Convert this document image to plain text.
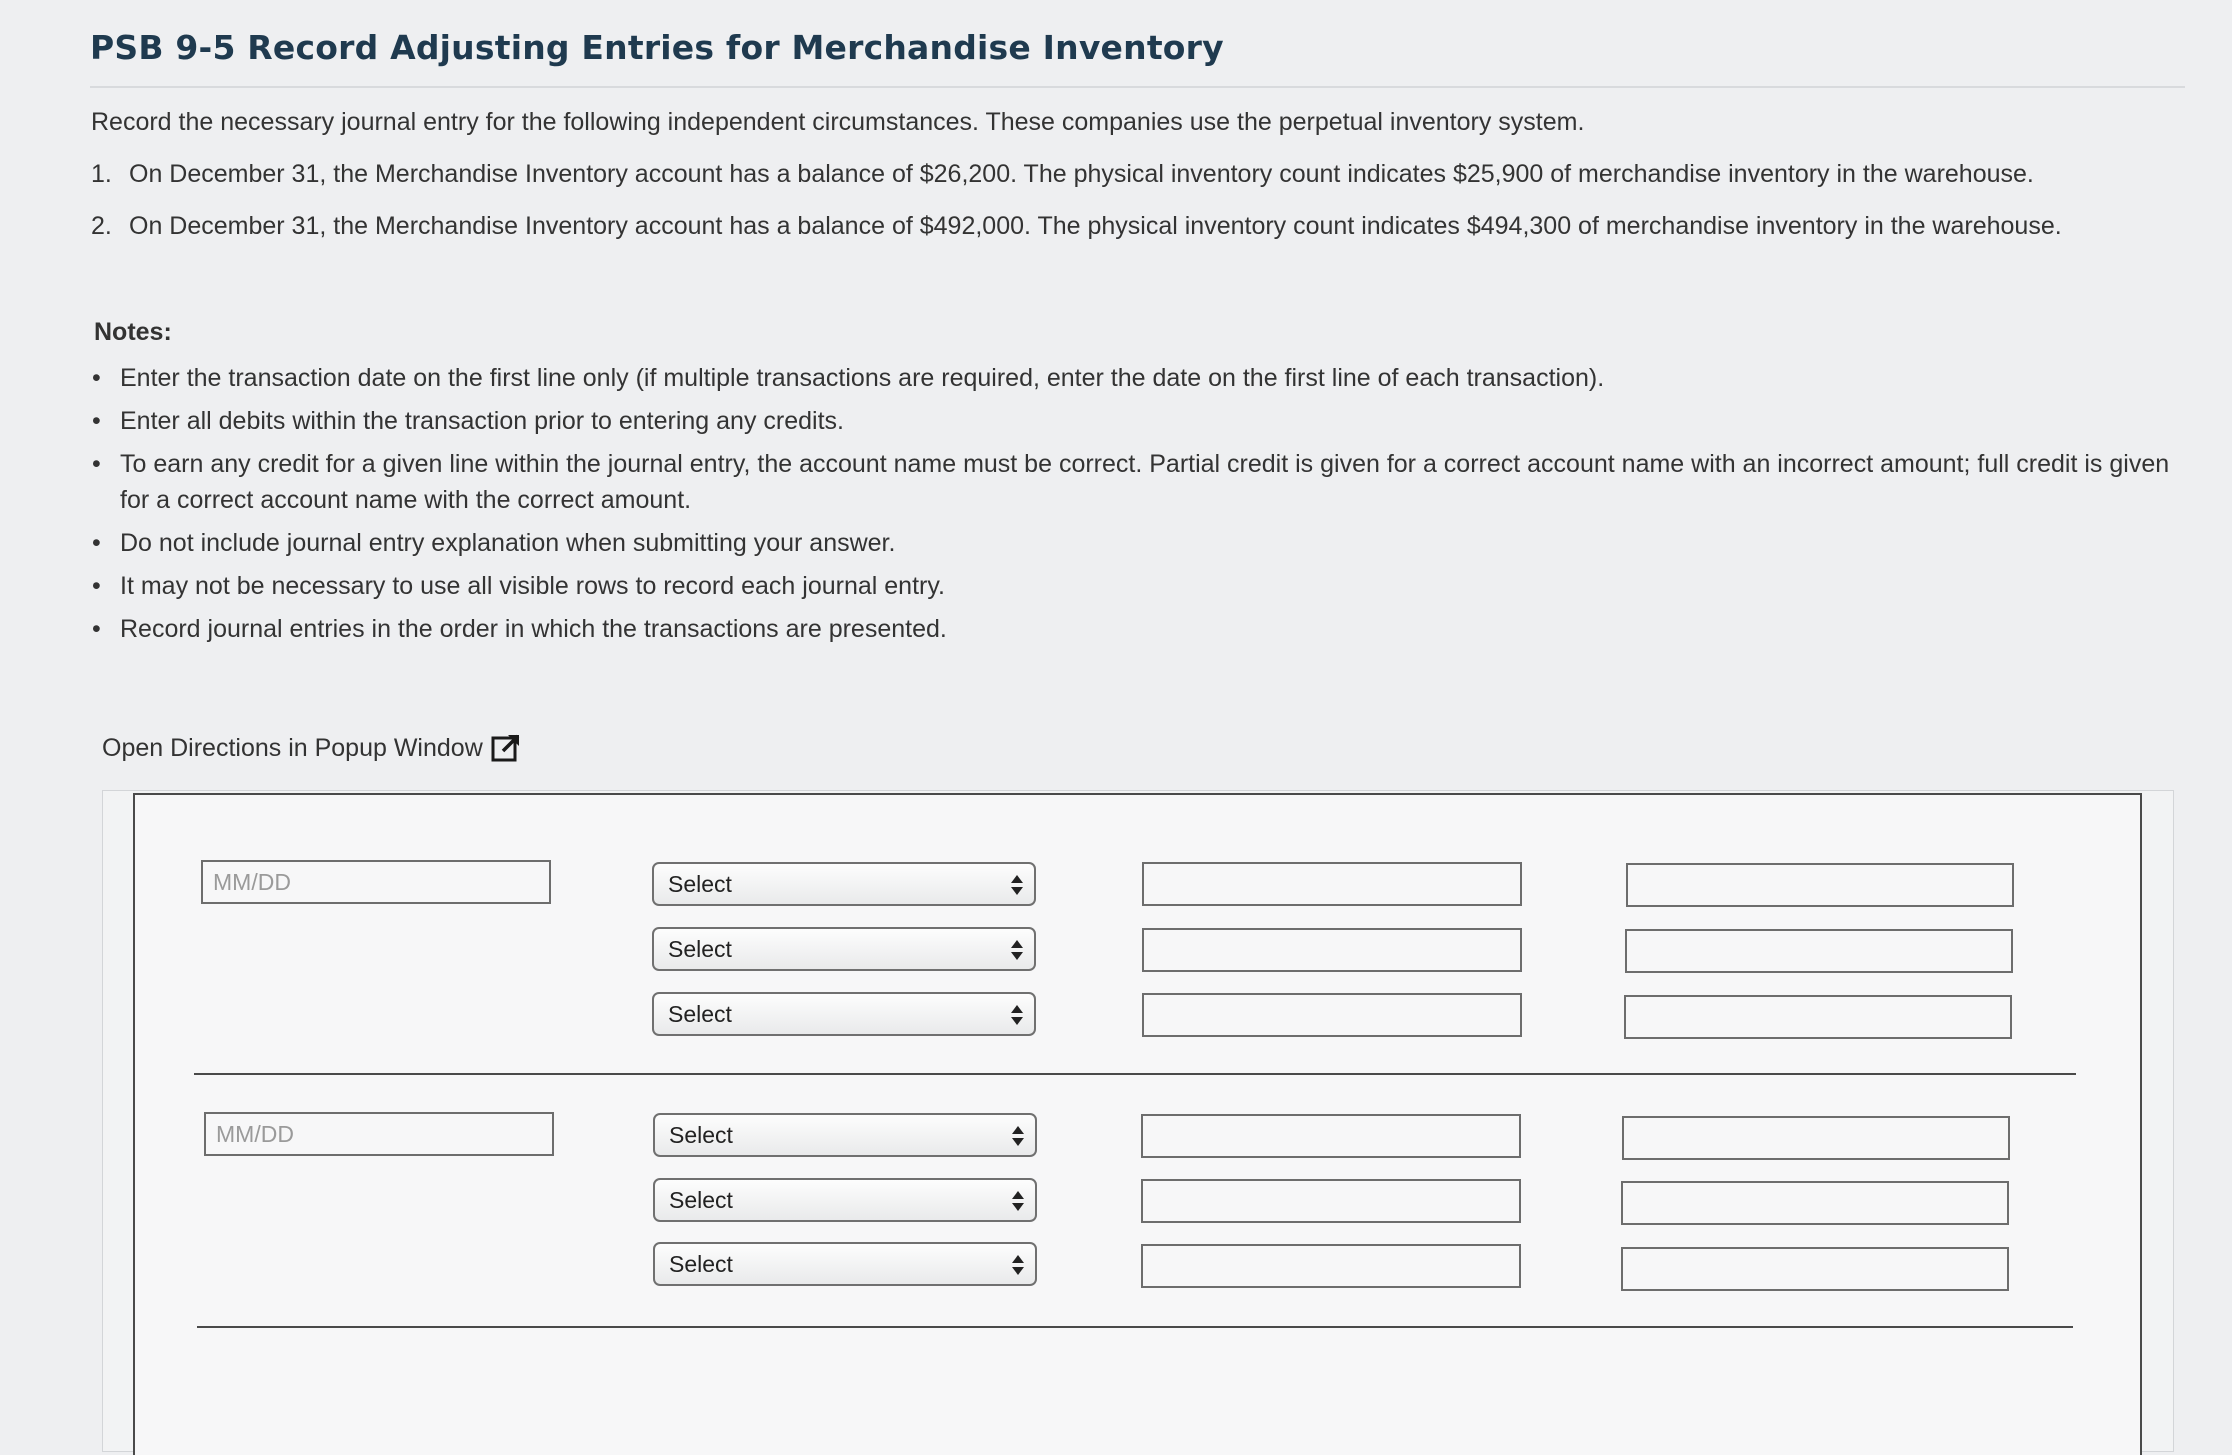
PSB 9-5 Record Adjusting Entries for Merchandise Inventory
Record the necessary journal entry for the following independent circumstances. These companies use the perpetual inventory system.
1. On December 31, the Merchandise Inventory account has a balance of $26,200. The physical inventory count indicates $25,900 of merchandise inventory in the warehouse.
2. On December 31, the Merchandise Inventory account has a balance of $492,000. The physical inventory count indicates $494,300 of merchandise inventory in the warehouse.
Notes:
• Enter the transaction date on the first line only (if multiple transactions are required, enter the date on the first line of each transaction).
• Enter all debits within the transaction prior to entering any credits.
• To earn any credit for a given line within the journal entry, the account name must be correct. Partial credit is given for a correct account name with an incorrect amount; full credit is given for a correct account name with the correct amount.
• Do not include journal entry explanation when submitting your answer.
• It may not be necessary to use all visible rows to record each journal entry.
• Record journal entries in the order in which the transactions are presented.
Open Directions in Popup Window
MM/DD
Select
Select
Select
MM/DD
Select
Select
Select
